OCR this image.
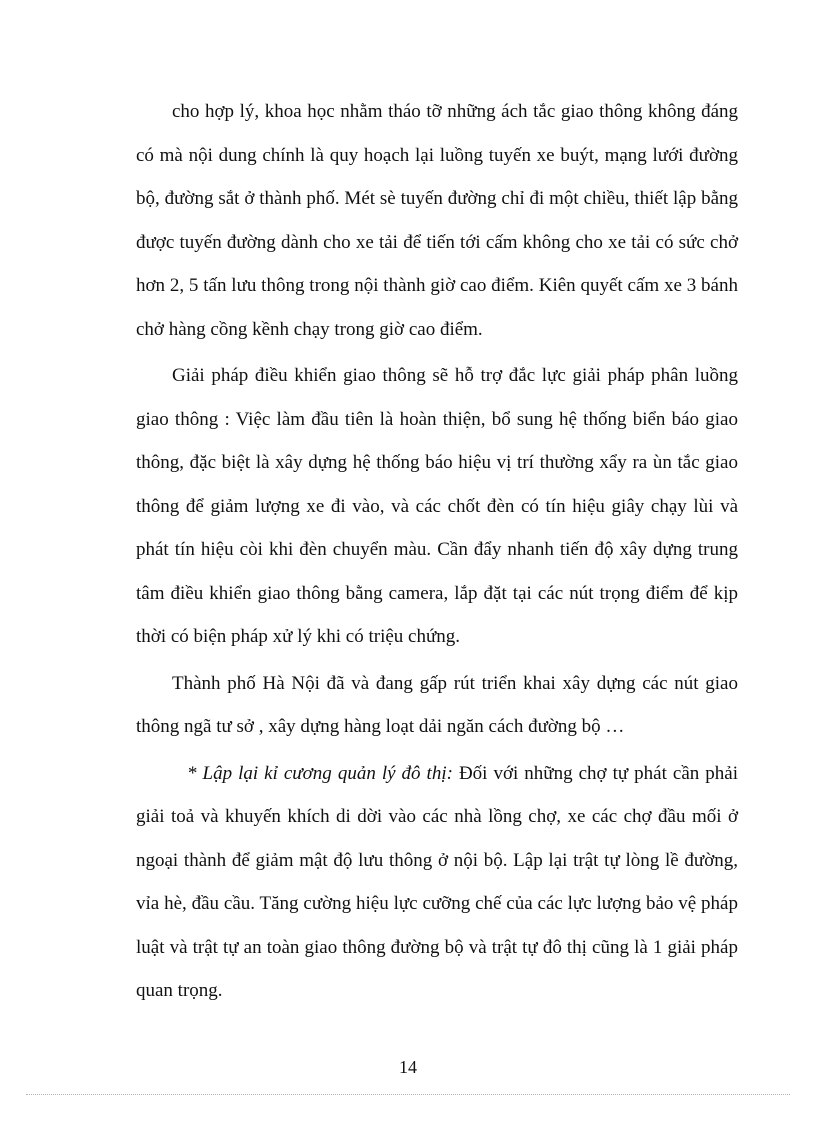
cho hợp lý, khoa học nhằm tháo tỡ những ách tắc giao thông không đáng có mà nội dung chính là quy hoạch lại luồng tuyến xe buýt, mạng lưới đường bộ, đường sắt ở thành phố. Mét sè tuyến đường chỉ đi một chiều, thiết lập bằng được tuyến đường dành cho xe tải để tiến tới cấm không cho xe tải có sức chở hơn 2, 5 tấn lưu thông trong nội thành giờ cao điểm. Kiên quyết cấm xe 3 bánh chở hàng cồng kềnh chạy trong giờ cao điểm.

Giải pháp điều khiển giao thông sẽ hỗ trợ đắc lực giải pháp phân luồng giao thông : Việc làm đầu tiên là hoàn thiện, bổ sung hệ thống biển báo giao thông, đặc biệt là xây dựng hệ thống báo hiệu vị trí thường xẩy ra ùn tắc giao thông để giảm lượng xe đi vào, và các chốt đèn có tín hiệu giây chạy lùi và phát tín hiệu còi khi đèn chuyển màu. Cần đẩy nhanh tiến độ xây dựng trung tâm điều khiển giao thông bằng camera, lắp đặt tại các nút trọng điểm để kịp thời có biện pháp xử lý khi có triệu chứng.

Thành phố Hà Nội đã và đang gấp rút triển khai xây dựng các nút giao thông ngã tư sở , xây dựng hàng loạt dải ngăn cách đường bộ …

* Lập lại kỉ cương quản lý đô thị: Đối với những chợ tự phát cần phải giải toả và khuyến khích di dời vào các nhà lồng chợ, xe các chợ đầu mối ở ngoại thành để giảm mật độ lưu thông ở nội bộ. Lập lại trật tự lòng lề đường, vỉa hè, đầu cầu. Tăng cường hiệu lực cưỡng chế của các lực lượng bảo vệ pháp luật và trật tự an toàn giao thông đường bộ và trật tự đô thị cũng là 1 giải pháp quan trọng.

14
